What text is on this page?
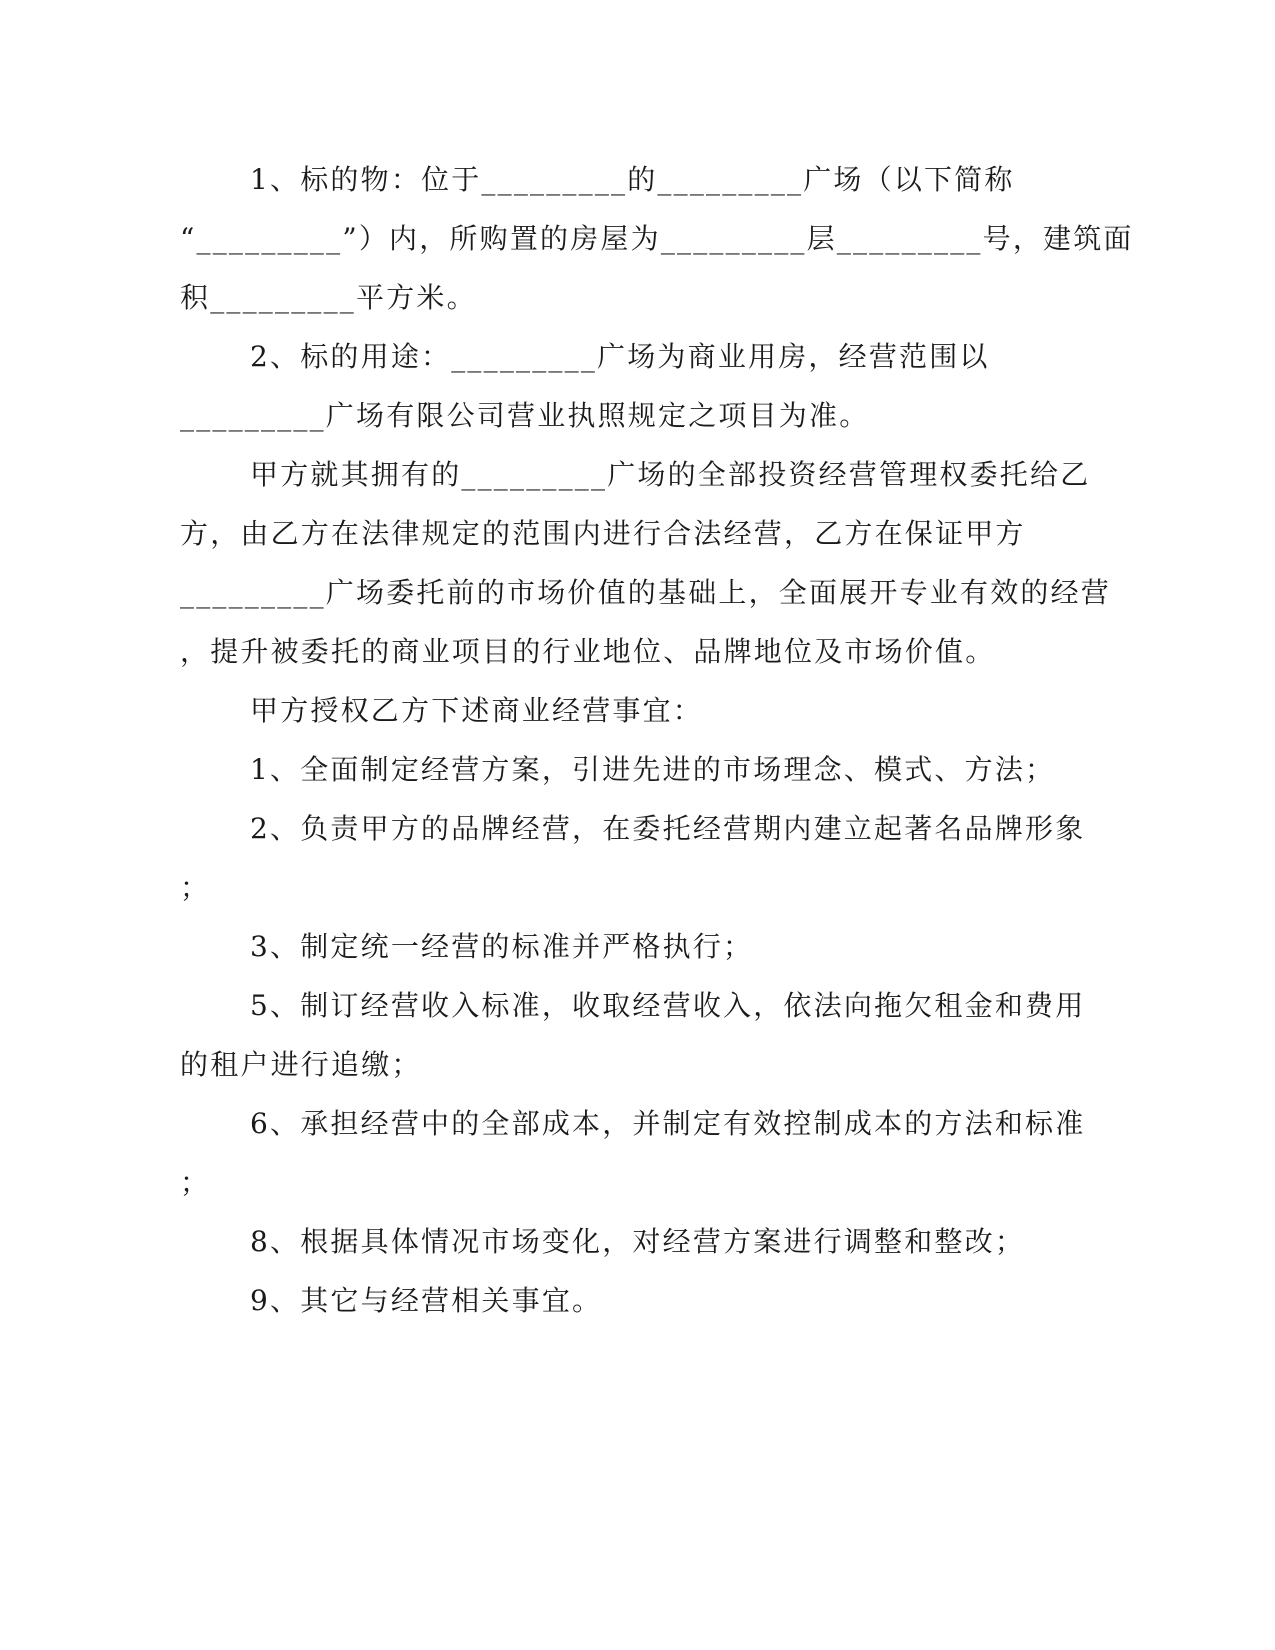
1、标的物：位于_________的_________广场（以下简称
“_________”）内，所购置的房屋为_________层_________号，建筑面
积_________平方米。
2、标的用途：_________广场为商业用房，经营范围以
_________广场有限公司营业执照规定之项目为准。
甲方就其拥有的_________广场的全部投资经营管理权委托给乙
方，由乙方在法律规定的范围内进行合法经营，乙方在保证甲方
_________广场委托前的市场价值的基础上，全面展开专业有效的经营
，提升被委托的商业项目的行业地位、品牌地位及市场价值。
甲方授权乙方下述商业经营事宜：
1、全面制定经营方案，引进先进的市场理念、模式、方法；
2、负责甲方的品牌经营，在委托经营期内建立起著名品牌形象
；
3、制定统一经营的标准并严格执行；
5、制订经营收入标准，收取经营收入，依法向拖欠租金和费用
的租户进行追缴；
6、承担经营中的全部成本，并制定有效控制成本的方法和标准
；
8、根据具体情况市场变化，对经营方案进行调整和整改；
9、其它与经营相关事宜。
